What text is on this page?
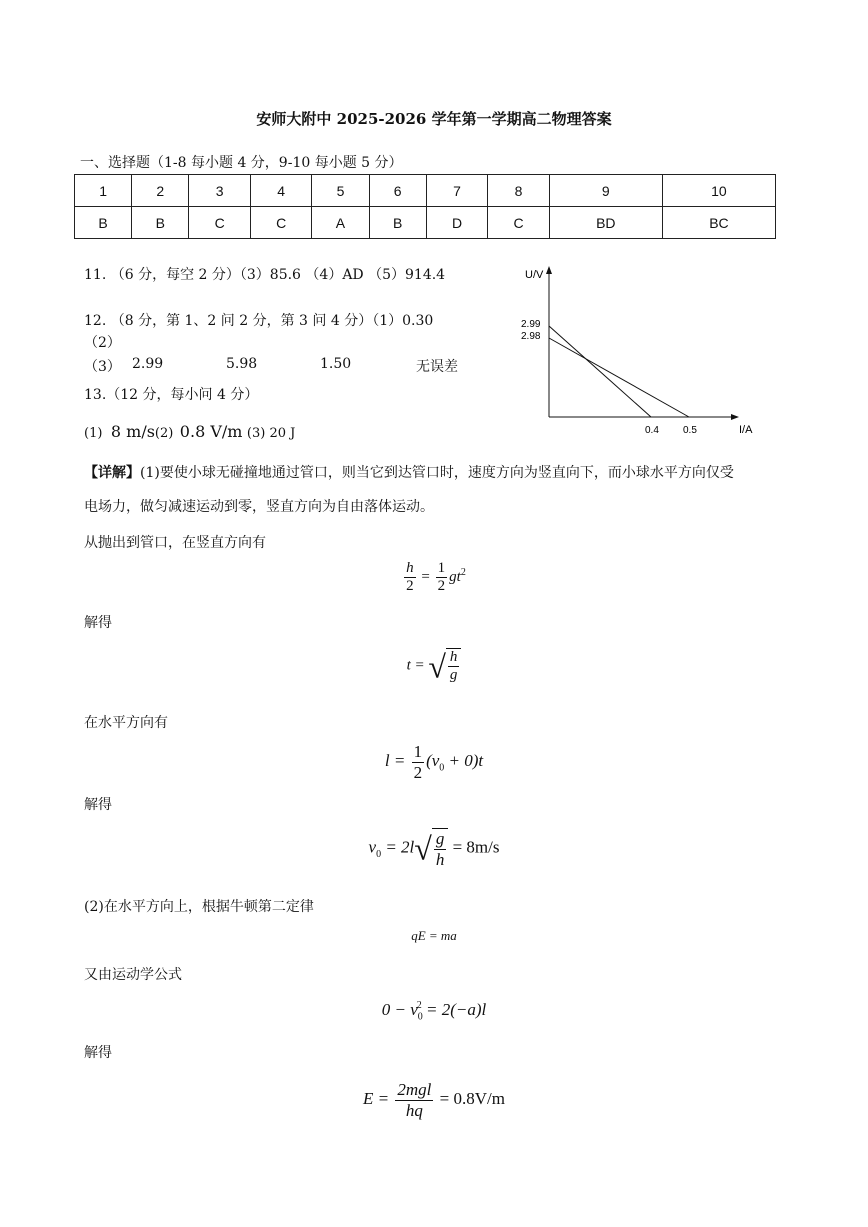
安师大附中 2025-2026 学年第一学期高二物理答案
一、选择题（1-8 每小题 4 分，9-10 每小题 5 分）
1	2	3	4	5	6	7	8	9	10
B	B	C	C	A	B	D	C	BD	BC
11. （6 分，每空 2 分）（3）85.6 （4）AD （5）914.4
12. （8 分，第 1、2 问 2 分，第 3 问 4 分）（1）0.30
（2）
（3） 2.99	5.98	1.50	无误差
13.（12 分，每小问 4 分）
(1) 8 m/s(2) 0.8 V/m (3) 20 J
U/V
2.99
2.98
0.4 0.5	I/A
【详解】(1)要使小球无碰撞地通过管口，则当它到达管口时，速度方向为竖直向下，而小球水平方向仅受
电场力，做匀减速运动到零，竖直方向为自由落体运动。
从抛出到管口，在竖直方向有
$\frac{h}{2} = \frac{1}{2} gt^2$
解得
t = √ $\frac{h}{g}$
在水平方向有
$l = \frac{1}{2} (v_0 + 0)t$
解得
$v_0 = 2l√ \frac{g}{h} = 8m/s$
(2)在水平方向上，根据牛顿第二定律
qE = ma
又由运动学公式
$0 - v_0^2 = 2(-a)l$
解得
$E = \frac{\text{2mgl}}{hq} = 0.8V/m$
